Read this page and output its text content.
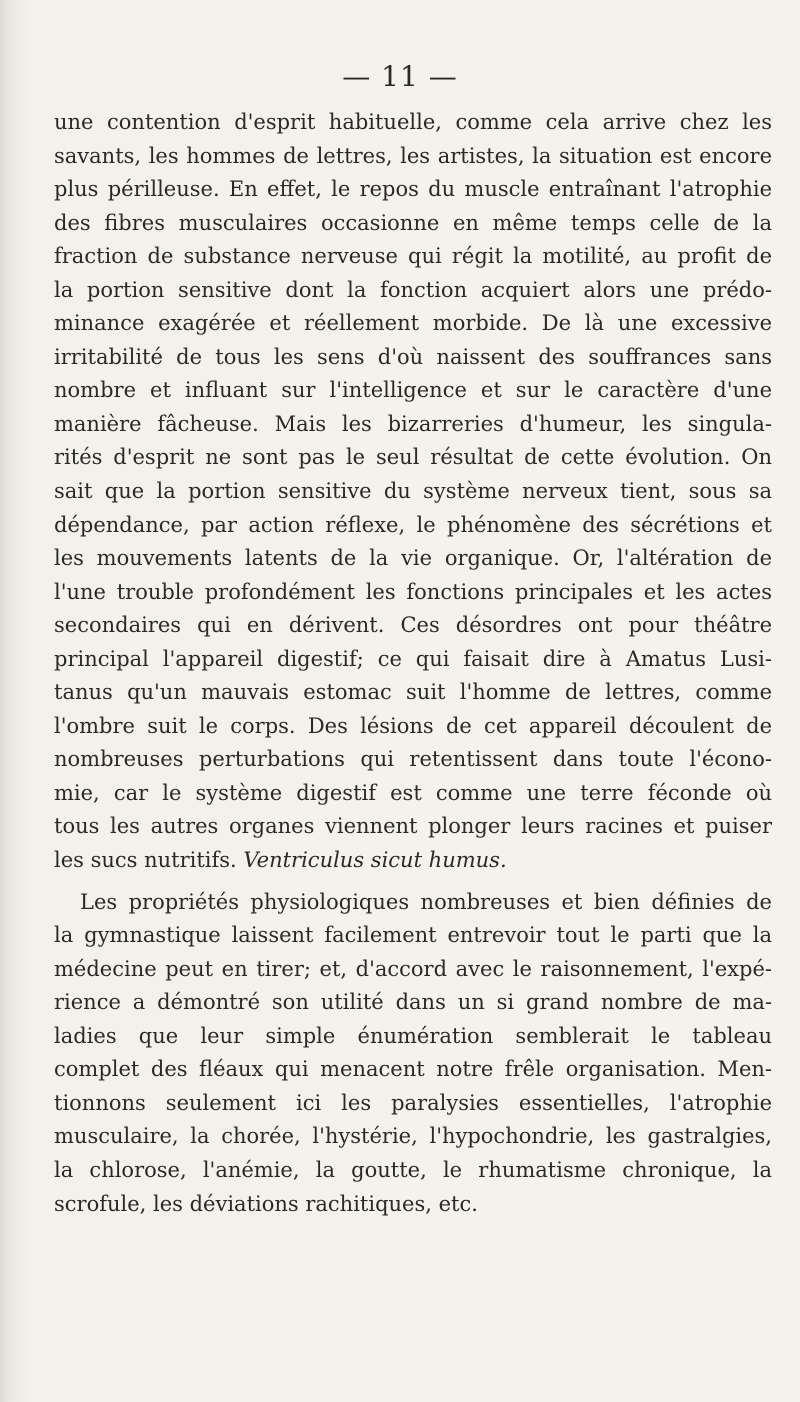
— 11 —

une contention d'esprit habituelle, comme cela arrive chez les

savants, les hommes de lettres, les artistes, la situation est encore

plus périlleuse. En effet, le repos du muscle entraînant l'atrophie

des fibres musculaires occasionne en même temps celle de la

fraction de substance nerveuse qui régit la motilité, au profit de

la portion sensitive dont la fonction acquiert alors une prédo-

minance exagérée et réellement morbide. De là une excessive

irritabilité de tous les sens d'où naissent des souffrances sans

nombre et influant sur l'intelligence et sur le caractère d'une

manière fâcheuse. Mais les bizarreries d'humeur, les singula-

rités d'esprit ne sont pas le seul résultat de cette évolution. On

sait que la portion sensitive du système nerveux tient, sous sa

dépendance, par action réflexe, le phénomène des sécrétions et

les mouvements latents de la vie organique. Or, l'altération de

l'une trouble profondément les fonctions principales et les actes

secondaires qui en dérivent. Ces désordres ont pour théâtre

principal l'appareil digestif; ce qui faisait dire à Amatus Lusi-

tanus qu'un mauvais estomac suit l'homme de lettres, comme

l'ombre suit le corps. Des lésions de cet appareil découlent de

nombreuses perturbations qui retentissent dans toute l'écono-

mie, car le système digestif est comme une terre féconde où

tous les autres organes viennent plonger leurs racines et puiser

les sucs nutritifs. Ventriculus sicut humus.

Les propriétés physiologiques nombreuses et bien définies de

la gymnastique laissent facilement entrevoir tout le parti que la

médecine peut en tirer; et, d'accord avec le raisonnement, l'expé-

rience a démontré son utilité dans un si grand nombre de ma-

ladies que leur simple énumération semblerait le tableau

complet des fléaux qui menacent notre frêle organisation. Men-

tionnons seulement ici les paralysies essentielles, l'atrophie

musculaire, la chorée, l'hystérie, l'hypochondrie, les gastralgies,

la chlorose, l'anémie, la goutte, le rhumatisme chronique, la

scrofule, les déviations rachitiques, etc.
